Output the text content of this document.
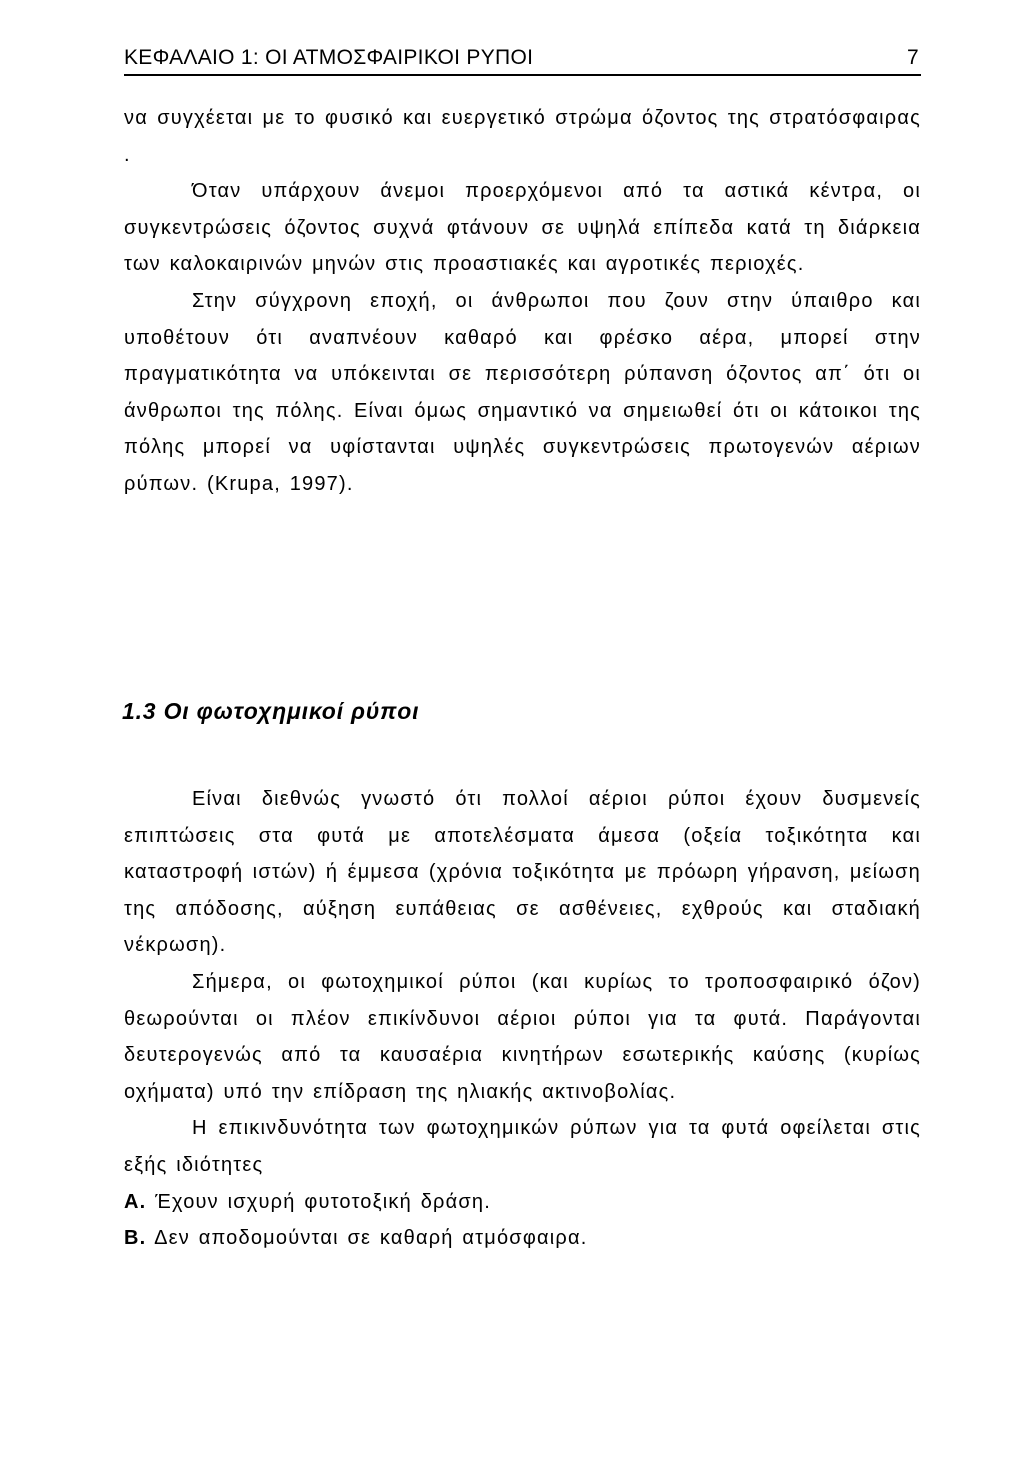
ΚΕΦΑΛΑΙΟ 1: ΟΙ ΑΤΜΟΣΦΑΙΡΙΚΟΙ ΡΥΠΟΙ	7

να συγχέεται με το φυσικό και ευεργετικό στρώμα όζοντος της στρατόσφαιρας .

Όταν υπάρχουν άνεμοι προερχόμενοι από τα αστικά κέντρα, οι συγκεντρώσεις όζοντος συχνά φτάνουν σε υψηλά επίπεδα κατά τη διάρκεια των καλοκαιρινών μηνών στις προαστιακές και αγροτικές περιοχές.

Στην σύγχρονη εποχή, οι άνθρωποι που ζουν στην ύπαιθρο και υποθέτουν ότι αναπνέουν καθαρό και φρέσκο αέρα, μπορεί στην πραγματικότητα να υπόκεινται σε περισσότερη ρύπανση όζοντος απ΄ ότι οι άνθρωποι της πόλης. Είναι όμως σημαντικό να σημειωθεί ότι οι κάτοικοι της πόλης μπορεί να υφίστανται υψηλές συγκεντρώσεις πρωτογενών αέριων ρύπων. (Krupa, 1997).

1.3 Οι φωτοχημικοί ρύποι

Είναι διεθνώς γνωστό ότι πολλοί αέριοι ρύποι έχουν δυσμενείς επιπτώσεις στα φυτά με αποτελέσματα άμεσα (οξεία τοξικότητα και καταστροφή ιστών) ή έμμεσα (χρόνια τοξικότητα με πρόωρη γήρανση, μείωση της απόδοσης, αύξηση ευπάθειας σε ασθένειες, εχθρούς και σταδιακή νέκρωση).

Σήμερα, οι φωτοχημικοί ρύποι (και κυρίως το τροποσφαιρικό όζον) θεωρούνται οι πλέον επικίνδυνοι αέριοι ρύποι για τα φυτά. Παράγονται δευτερογενώς από τα καυσαέρια κινητήρων εσωτερικής καύσης (κυρίως οχήματα) υπό την επίδραση της ηλιακής ακτινοβολίας.

Η επικινδυνότητα των φωτοχημικών ρύπων για τα φυτά οφείλεται στις εξής ιδιότητες

Α. Έχουν ισχυρή φυτοτοξική δράση.

Β. Δεν αποδομούνται σε καθαρή ατμόσφαιρα.
